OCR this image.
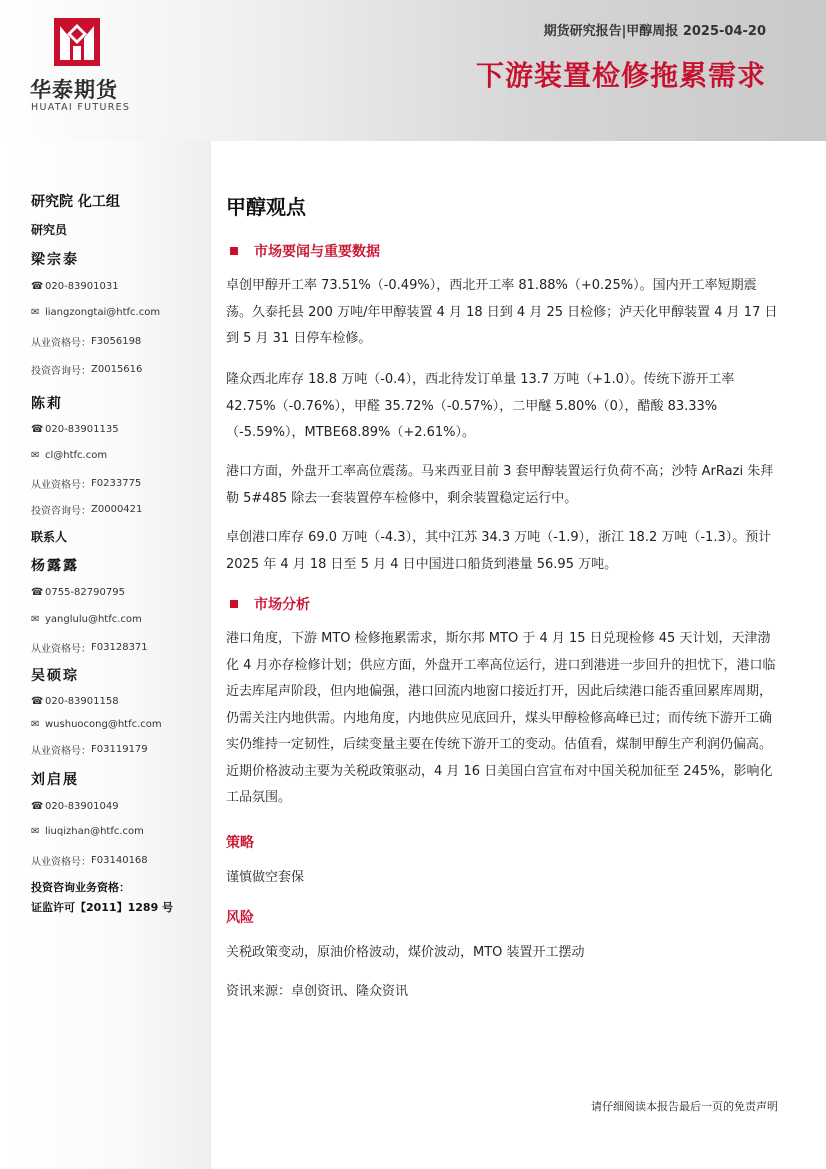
华泰期货
HUATAI FUTURES
期货研究报告|甲醇周报 2025-04-20
下游装置检修拖累需求
研究院 化工组
研究员
梁宗泰
☎ 020-83901031
✉ liangzongtai@htfc.com
从业资格号： F3056198
投资咨询号： Z0015616
陈莉
☎ 020-83901135
✉ cl@htfc.com
从业资格号： F0233775
投资咨询号： Z0000421
联系人
杨露露
☎ 0755-82790795
✉ yanglulu@htfc.com
从业资格号： F03128371
吴硕琮
☎ 020-83901158
✉ wushuocong@htfc.com
从业资格号： F03119179
刘启展
☎ 020-83901049
✉ liuqizhan@htfc.com
从业资格号： F03140168
投资咨询业务资格：
证监许可【2011】1289 号
甲醇观点
市场要闻与重要数据
卓创甲醇开工率 73.51%（-0.49%），西北开工率 81.88%（+0.25%）。国内开工率短期震荡。久泰托县 200 万吨/年甲醇装置 4 月 18 日到 4 月 25 日检修；泸天化甲醇装置 4 月 17 日到 5 月 31 日停车检修。
隆众西北库存 18.8 万吨（-0.4），西北待发订单量 13.7 万吨（+1.0）。传统下游开工率 42.75%（-0.76%），甲醛 35.72%（-0.57%），二甲醚 5.80%（0），醋酸 83.33%（-5.59%），MTBE68.89%（+2.61%）。
港口方面，外盘开工率高位震荡。马来西亚目前 3 套甲醇装置运行负荷不高；沙特 ArRazi 朱拜勒 5#485 除去一套装置停车检修中，剩余装置稳定运行中。
卓创港口库存 69.0 万吨（-4.3），其中江苏 34.3 万吨（-1.9），浙江 18.2 万吨（-1.3）。预计 2025 年 4 月 18 日至 5 月 4 日中国进口船货到港量 56.95 万吨。
市场分析
港口角度，下游 MTO 检修拖累需求，斯尔邦 MTO 于 4 月 15 日兑现检修 45 天计划，天津渤化 4 月亦存检修计划；供应方面，外盘开工率高位运行，进口到港进一步回升的担忧下，港口临近去库尾声阶段，但内地偏强，港口回流内地窗口接近打开，因此后续港口能否重回累库周期，仍需关注内地供需。内地角度，内地供应见底回升，煤头甲醇检修高峰已过；而传统下游开工确实仍维持一定韧性，后续变量主要在传统下游开工的变动。估值看，煤制甲醇生产利润仍偏高。近期价格波动主要为关税政策驱动，4 月 16 日美国白宫宣布对中国关税加征至 245%，影响化工品氛围。
策略
谨慎做空套保
风险
关税政策变动，原油价格波动，煤价波动，MTO 装置开工摆动
资讯来源：卓创资讯、隆众资讯
请仔细阅读本报告最后一页的免责声明
